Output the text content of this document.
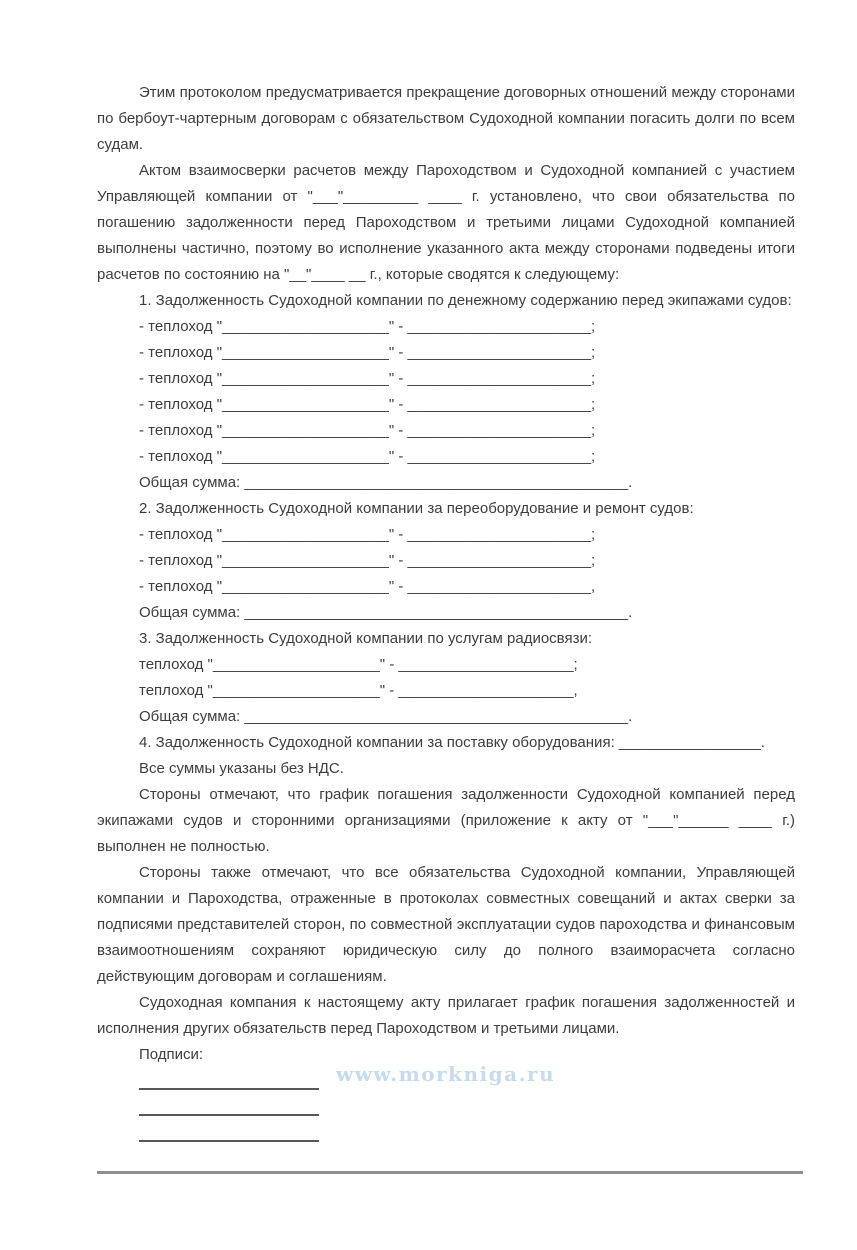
Этим протоколом предусматривается прекращение договорных отношений между сторонами по бербоут-чартерным договорам с обязательством Судоходной компании погасить долги по всем судам.

Актом взаимосверки расчетов между Пароходством и Судоходной компанией с участием Управляющей компании от "___"_________ ____ г. установлено, что свои обязательства по погашению задолженности перед Пароходством и третьими лицами Судоходной компанией выполнены частично, поэтому во исполнение указанного акта между сторонами подведены итоги расчетов по состоянию на "__"____ __ г., которые сводятся к следующему:

1. Задолженность Судоходной компании по денежному содержанию перед экипажами судов:
- теплоход "____________________" - ______________________;
- теплоход "____________________" - ______________________;
- теплоход "____________________" - ______________________;
- теплоход "____________________" - ______________________;
- теплоход "____________________" - ______________________;
- теплоход "____________________" - ______________________;
Общая сумма: ______________________________________________.
2. Задолженность Судоходной компании за переоборудование и ремонт судов:
- теплоход "____________________" - ______________________;
- теплоход "____________________" - ______________________;
- теплоход "____________________" - ______________________,
Общая сумма: ______________________________________________.
3. Задолженность Судоходной компании по услугам радиосвязи:
теплоход "____________________" - _____________________;
теплоход "____________________" - _____________________,
Общая сумма: ______________________________________________.
4. Задолженность Судоходной компании за поставку оборудования: _________________.
Все суммы указаны без НДС.

Стороны отмечают, что график погашения задолженности Судоходной компанией перед экипажами судов и сторонними организациями (приложение к акту от "___"______ ____ г.) выполнен не полностью.

Стороны также отмечают, что все обязательства Судоходной компании, Управляющей компании и Пароходства, отраженные в протоколах совместных совещаний и актах сверки за подписями представителей сторон, по совместной эксплуатации судов пароходства и финансовым взаимоотношениям сохраняют юридическую силу до полного взаиморасчета согласно действующим договорам и соглашениям.

Судоходная компания к настоящему акту прилагает график погашения задолженностей и исполнения других обязательств перед Пароходством и третьими лицами.

Подписи:
www.morkniga.ru
